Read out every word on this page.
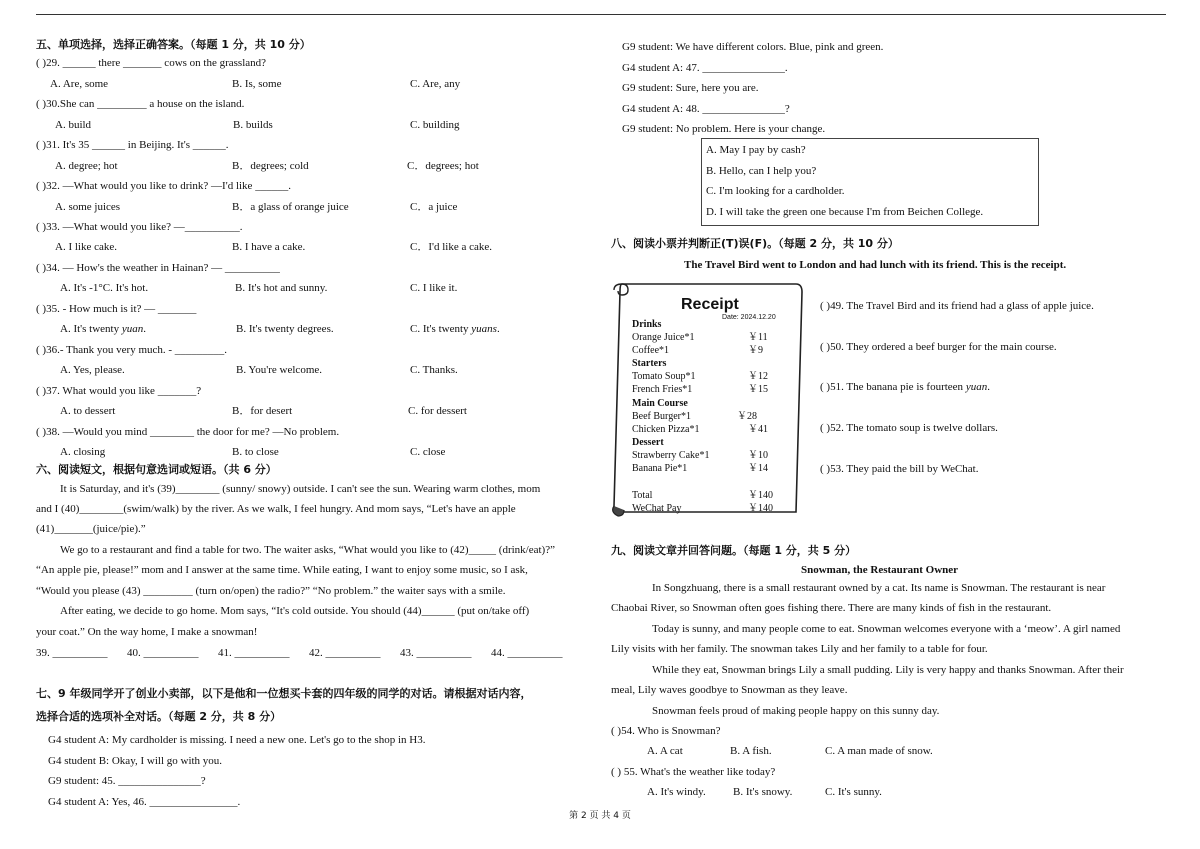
五、单项选择，选择正确答案。（每题 1 分，共 10 分）
( )29. ______ there _______ cows on the grassland?
A. Are, some	B. Is, some	C. Are, any
( )30.She can _________ a house on the island.
A. build	B. builds	C. building
( )31. It's 35 ______ in Beijing. It's ______.
A. degree; hot	B．degrees; cold	C．degrees; hot
( )32. —What would you like to drink? —I'd like ______.
A. some juices	B．a glass of orange juice	C．a juice
( )33. —What would you like? —__________.
A. I like cake.	B. I have a cake.	C．I'd like a cake.
( )34. — How's the weather in Hainan? — __________
A. It's -1°C. It's hot.	B. It's hot and sunny.	C. I like it.
( )35. - How much is it? — _______
A. It's twenty yuan.	B. It's twenty degrees.	C. It's twenty yuans.
( )36.- Thank you very much. - _________.
A. Yes, please.	B. You're welcome.	C. Thanks.
( )37. What would you like _______?
A. to dessert	B．for desert	C. for dessert
( )38. —Would you mind ________ the door for me? —No problem.
A. closing	B. to close	C. close
六、阅读短文，根据句意选词或短语。（共 6 分）
It is Saturday, and it's (39)________ (sunny/ snowy) outside. I can't see the sun. Wearing warm clothes, mom
and I (40)________(swim/walk) by the river. As we walk, I feel hungry. And mom says, “Let's have an apple
(41)_______(juice/pie).”
We go to a restaurant and find a table for two. The waiter asks, “What would you like to (42)_____ (drink/eat)?”
“An apple pie, please!” mom and I answer at the same time. While eating, I want to enjoy some music, so I ask,
“Would you please (43) _________ (turn on/open) the radio?” “No problem.” the waiter says with a smile.
After eating, we decide to go home. Mom says, “It's cold outside. You should (44)______ (put on/take off)
your coat.” On the way home, I make a snowman!
39. __________ 40. __________ 41. __________ 42. __________ 43. __________ 44. __________
七、9 年级同学开了创业小卖部，以下是他和一位想买卡套的四年级的同学的对话。请根据对话内容，
选择合适的选项补全对话。（每题 2 分，共 8 分）
G4 student A: My cardholder is missing. I need a new one. Let's go to the shop in H3.
G4 student B: Okay, I will go with you.
G9 student: 45. _______________?
G4 student A: Yes, 46. ________________.
G9 student: We have different colors. Blue, pink and green.
G4 student A: 47. _______________.
G9 student: Sure, here you are.
G4 student A: 48. _______________?
G9 student: No problem. Here is your change.
A. May I pay by cash?
B. Hello, can I help you?
C. I'm looking for a cardholder.
D. I will take the green one because I'm from Beichen College.
八、阅读小票并判断正(T)误(F)。（每题 2 分，共 10 分）
The Travel Bird went to London and had lunch with its friend. This is the receipt.
Receipt
Date: 2024.12.20
Drinks
Orange Juice*1	￥11
Coffee*1	￥9
Starters
Tomato Soup*1	￥12
French Fries*1	￥15
Main Course
Beef Burger*1	￥28
Chicken Pizza*1	￥41
Dessert
Strawberry Cake*1	￥10
Banana Pie*1	￥14
Total	￥140
WeChat Pay	￥140
( )49. The Travel Bird and its friend had a glass of apple juice.
( )50. They ordered a beef burger for the main course.
( )51. The banana pie is fourteen yuan.
( )52. The tomato soup is twelve dollars.
( )53. They paid the bill by WeChat.
九、阅读文章并回答问题。（每题 1 分，共 5 分）
Snowman, the Restaurant Owner
In Songzhuang, there is a small restaurant owned by a cat. Its name is Snowman. The restaurant is near
Chaobai River, so Snowman often goes fishing there. There are many kinds of fish in the restaurant.
Today is sunny, and many people come to eat. Snowman welcomes everyone with a ‘meow’. A girl named
Lily visits with her family. The snowman takes Lily and her family to a table for four.
While they eat, Snowman brings Lily a small pudding. Lily is very happy and thanks Snowman. After their
meal, Lily waves goodbye to Snowman as they leave.
Snowman feels proud of making people happy on this sunny day.
( )54. Who is Snowman?
A. A cat	B. A fish.	C. A man made of snow.
( ) 55. What's the weather like today?
A. It's windy. B. It's snowy.	C. It's sunny.
第 2 页 共 4 页
